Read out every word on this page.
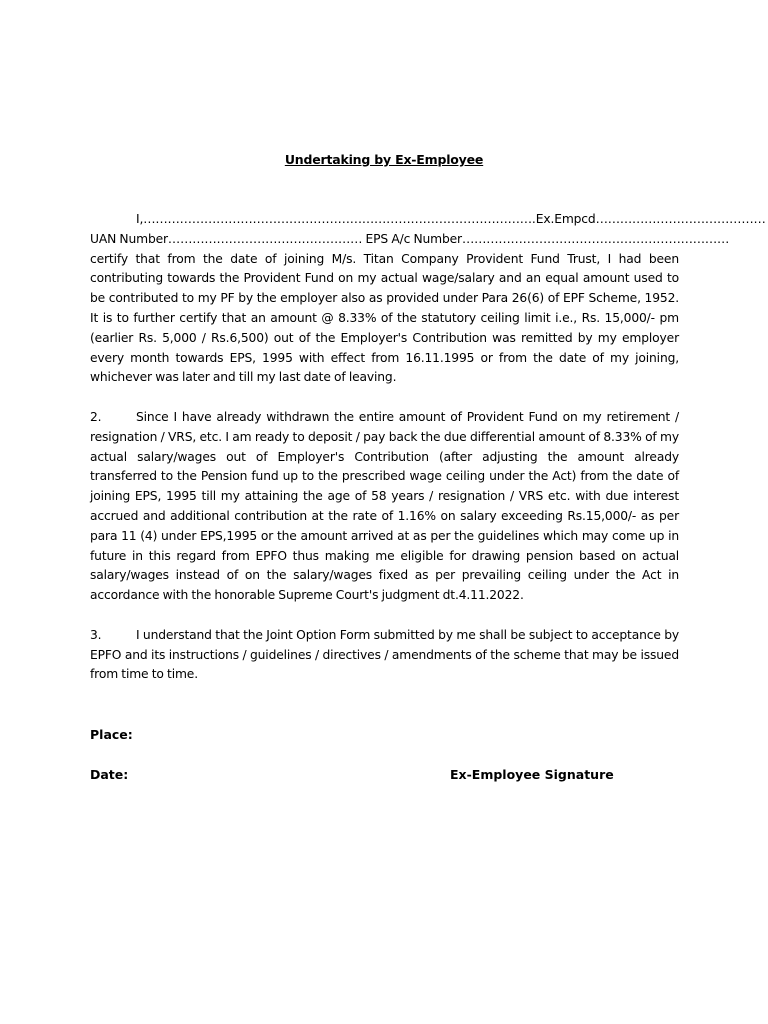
Undertaking by Ex-Employee
I,…………………………………………………………………………………….Ex.Empcd……………………………………
UAN Number………………………………………… EPS A/c Number…………………………………………………………

certify that from the date of joining M/s. Titan Company Provident Fund Trust, I had been contributing towards the Provident Fund on my actual wage/salary and an equal amount used to be contributed to my PF by the employer also as provided under Para 26(6) of EPF Scheme, 1952. It is to further certify that an amount @ 8.33% of the statutory ceiling limit i.e., Rs. 15,000/- pm (earlier Rs. 5,000 / Rs.6,500) out of the Employer's Contribution was remitted by my employer every month towards EPS, 1995 with effect from 16.11.1995 or from the date of my joining, whichever was later and till my last date of leaving.

2.	Since I have already withdrawn the entire amount of Provident Fund on my retirement / resignation / VRS, etc. I am ready to deposit / pay back the due differential amount of 8.33% of my actual salary/wages out of Employer's Contribution (after adjusting the amount already transferred to the Pension fund up to the prescribed wage ceiling under the Act) from the date of joining EPS, 1995 till my attaining the age of 58 years / resignation / VRS etc. with due interest accrued and additional contribution at the rate of 1.16% on salary exceeding Rs.15,000/- as per para 11 (4) under EPS,1995 or the amount arrived at as per the guidelines which may come up in future in this regard from EPFO thus making me eligible for drawing pension based on actual salary/wages instead of on the salary/wages fixed as per prevailing ceiling under the Act in accordance with the honorable Supreme Court's judgment dt.4.11.2022.

3.	I understand that the Joint Option Form submitted by me shall be subject to acceptance by EPFO and its instructions / guidelines / directives / amendments of the scheme that may be issued from time to time.

Place:
Date:	Ex-Employee Signature
